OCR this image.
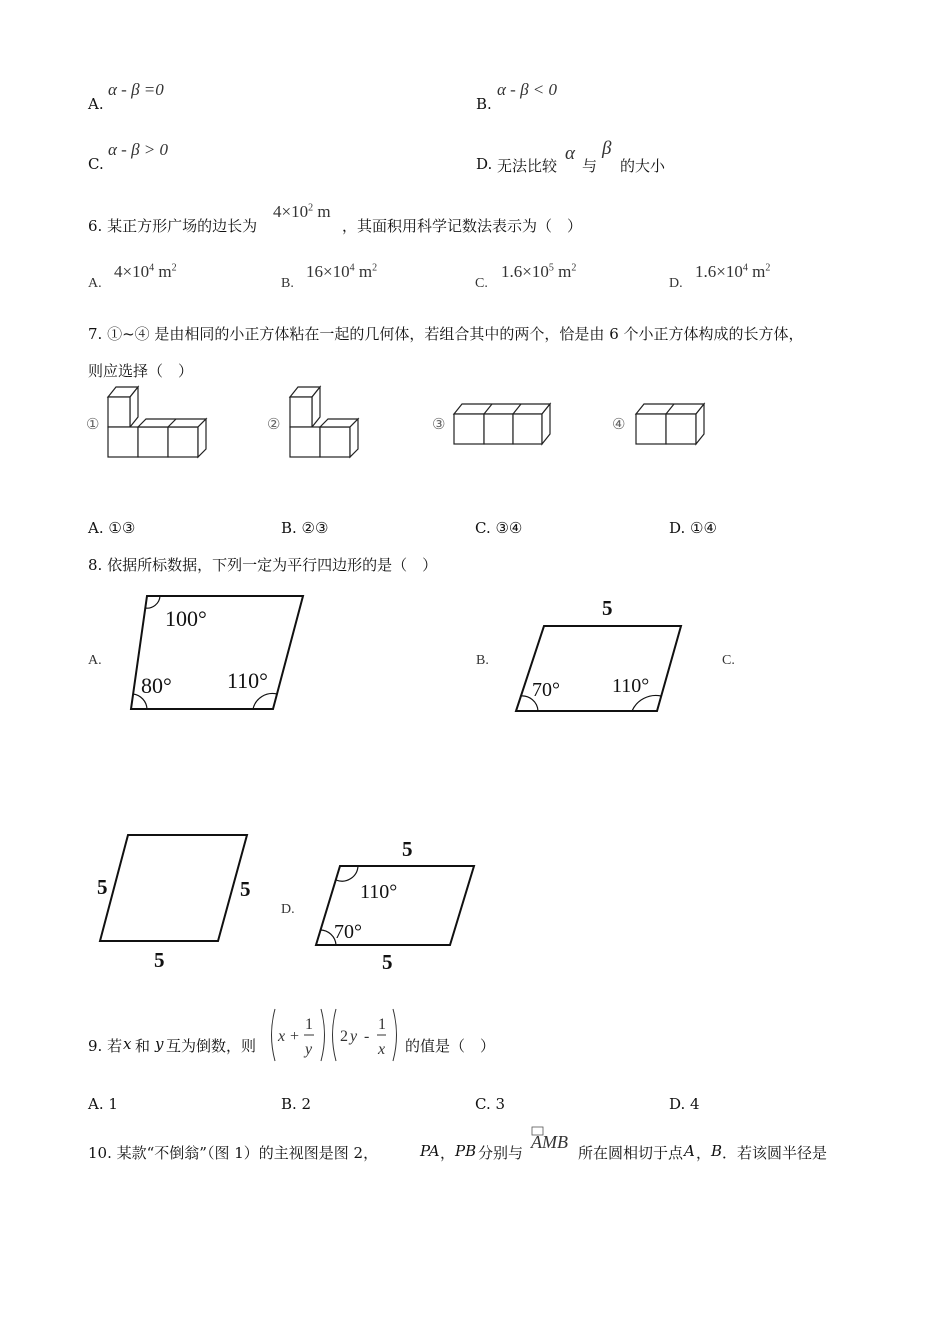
A.
α - β =0
B.
α - β < 0
C.
α - β > 0
D. 无法比较
α
与
β
的大小
6. 某正方形广场的边长为
$4\times 10^2$ m
，其面积用科学记数法表示为（　）
A.
$4\times 10^4$ $m^2$
B.
$16\times 10^4$ $m^2$
C.
$1.6\times 10^5$ $m^2$
D.
$1.6\times 10^4$ $m^2$
7. ①~④ 是由相同的小正方体粘在一起的几何体，若组合其中的两个，恰是由 6 个小正方体构成的长方体，
则应选择（　）
①	②	③	④
A. ①③	B. ②③	C. ③④	D. ①④
8. 依据所标数据，下列一定为平行四边形的是（　）
A.	B.	C.
D.
100°
80°	110°
5
70°	110°
5	5
5
5
110°
70°
5
9. 若 x 和 y 互为倒数，则
x +
1
y
2 y -
1
x 的值是（　）
A. 1	B. 2	C. 3	D. 4
10. 某款“不倒翁”（图 1）的主视图是图 2，	PA ， PB 分别与
AMB
所在圆相切于点 A ， B ．若该圆半径是
